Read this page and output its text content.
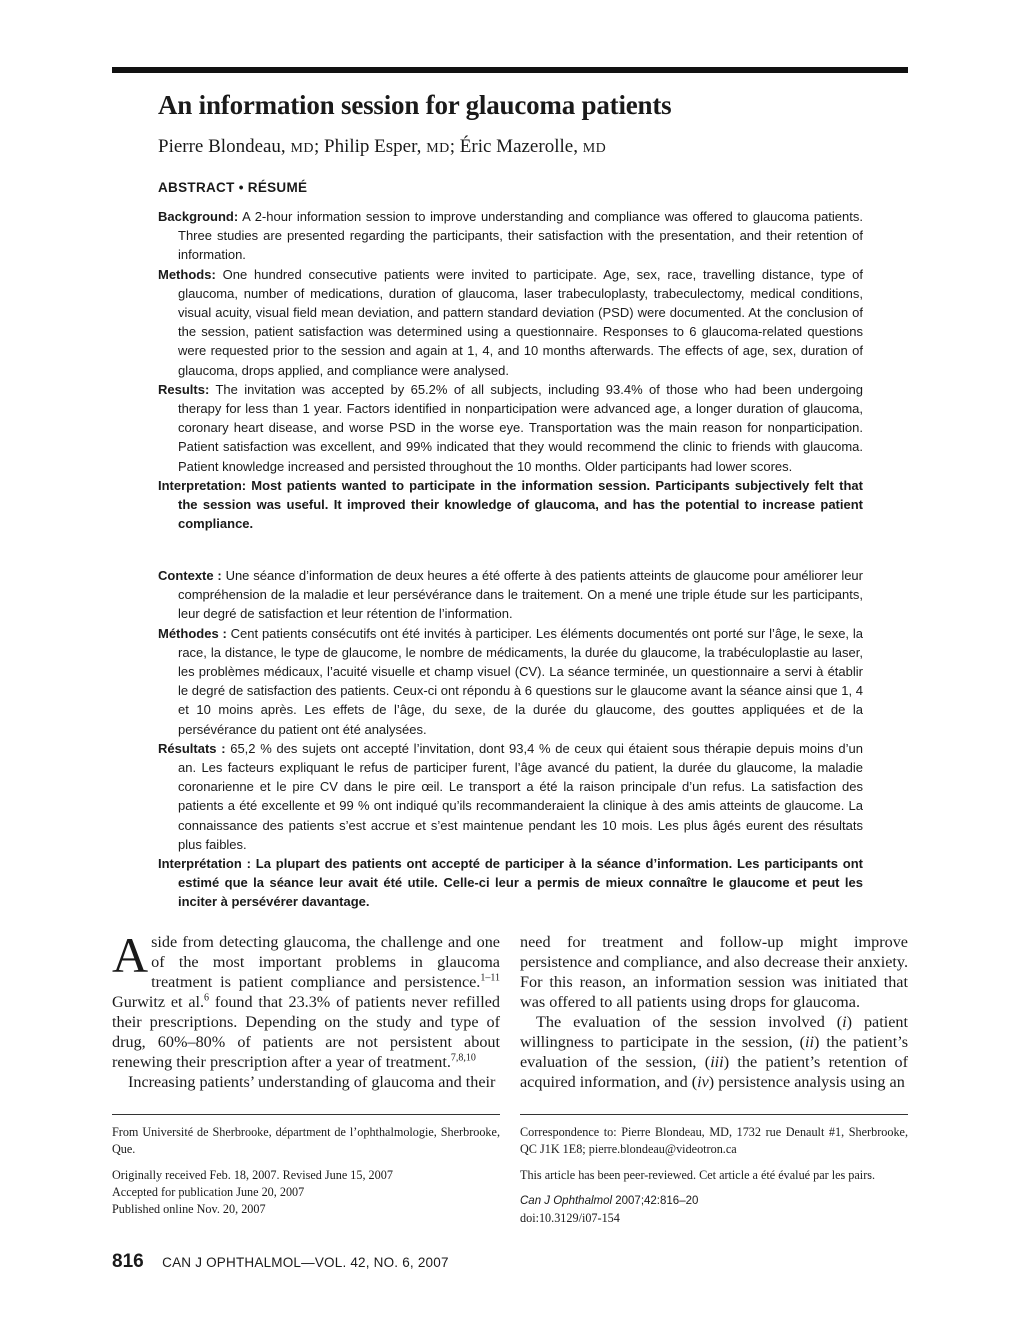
An information session for glaucoma patients
Pierre Blondeau, MD; Philip Esper, MD; Éric Mazerolle, MD
ABSTRACT • RÉSUMÉ

Background: A 2-hour information session to improve understanding and compliance was offered to glaucoma patients. Three studies are presented regarding the participants, their satisfaction with the presentation, and their retention of information.

Methods: One hundred consecutive patients were invited to participate. Age, sex, race, travelling distance, type of glaucoma, number of medications, duration of glaucoma, laser trabeculoplasty, trabeculectomy, medical conditions, visual acuity, visual field mean deviation, and pattern standard deviation (PSD) were documented. At the conclusion of the session, patient satisfaction was determined using a questionnaire. Responses to 6 glaucoma-related questions were requested prior to the session and again at 1, 4, and 10 months afterwards. The effects of age, sex, duration of glaucoma, drops applied, and compliance were analysed.

Results: The invitation was accepted by 65.2% of all subjects, including 93.4% of those who had been undergoing therapy for less than 1 year. Factors identified in nonparticipation were advanced age, a longer duration of glaucoma, coronary heart disease, and worse PSD in the worse eye. Transportation was the main reason for nonparticipation. Patient satisfaction was excellent, and 99% indicated that they would recommend the clinic to friends with glaucoma. Patient knowledge increased and persisted throughout the 10 months. Older participants had lower scores.

Interpretation: Most patients wanted to participate in the information session. Participants subjectively felt that the session was useful. It improved their knowledge of glaucoma, and has the potential to increase patient compliance.

Contexte : Une séance d’information de deux heures a été offerte à des patients atteints de glaucome pour améliorer leur compréhension de la maladie et leur persévérance dans le traitement. On a mené une triple étude sur les participants, leur degré de satisfaction et leur rétention de l’information.

Méthodes : Cent patients consécutifs ont été invités à participer. Les éléments documentés ont porté sur l’âge, le sexe, la race, la distance, le type de glaucome, le nombre de médicaments, la durée du glaucome, la trabéculoplastie au laser, les problèmes médicaux, l’acuité visuelle et champ visuel (CV). La séance terminée, un questionnaire a servi à établir le degré de satisfaction des patients. Ceux-ci ont répondu à 6 questions sur le glaucome avant la séance ainsi que 1, 4 et 10 moins après. Les effets de l’âge, du sexe, de la durée du glaucome, des gouttes appliquées et de la persévérance du patient ont été analysées.

Résultats : 65,2 % des sujets ont accepté l’invitation, dont 93,4 % de ceux qui étaient sous thérapie depuis moins d’un an. Les facteurs expliquant le refus de participer furent, l’âge avancé du patient, la durée du glaucome, la maladie coronarienne et le pire CV dans le pire œil. Le transport a été la raison principale d’un refus. La satisfaction des patients a été excellente et 99 % ont indiqué qu’ils recommanderaient la clinique à des amis atteints de glaucome. La connaissance des patients s’est accrue et s’est maintenue pendant les 10 mois. Les plus âgés eurent des résultats plus faibles.

Interprétation : La plupart des patients ont accepté de participer à la séance d’information. Les participants ont estimé que la séance leur avait été utile. Celle-ci leur a permis de mieux connaître le glaucome et peut les inciter à persévérer davantage.

Aside from detecting glaucoma, the challenge and one of the most important problems in glaucoma treatment is patient compliance and persistence.$^{1-11}$ Gurwitz et al.$^6$ found that 23.3% of patients never refilled their prescriptions. Depending on the study and type of drug, 60%–80% of patients are not persistent about renewing their prescription after a year of treatment.$^{7,8,10}$

Increasing patients’ understanding of glaucoma and their

need for treatment and follow-up might improve persistence and compliance, and also decrease their anxiety. For this reason, an information session was initiated that was offered to all patients using drops for glaucoma.

The evaluation of the session involved (i) patient willingness to participate in the session, (ii) the patient’s evaluation of the session, (iii) the patient’s retention of acquired information, and (iv) persistence analysis using an

From Université de Sherbrooke, départment de l’ophthalmologie, Sherbrooke, Que.

Originally received Feb. 18, 2007. Revised June 15, 2007
Accepted for publication June 20, 2007
Published online Nov. 20, 2007

Correspondence to: Pierre Blondeau, MD, 1732 rue Denault #1, Sherbrooke, QC J1K 1E8; pierre.blondeau@videotron.ca

This article has been peer-reviewed. Cet article a été évalué par les pairs.

Can J Ophthalmol 2007;42:816–20
doi:10.3129/i07-154
816 CAN J OPHTHALMOL—VOL. 42, NO. 6, 2007
